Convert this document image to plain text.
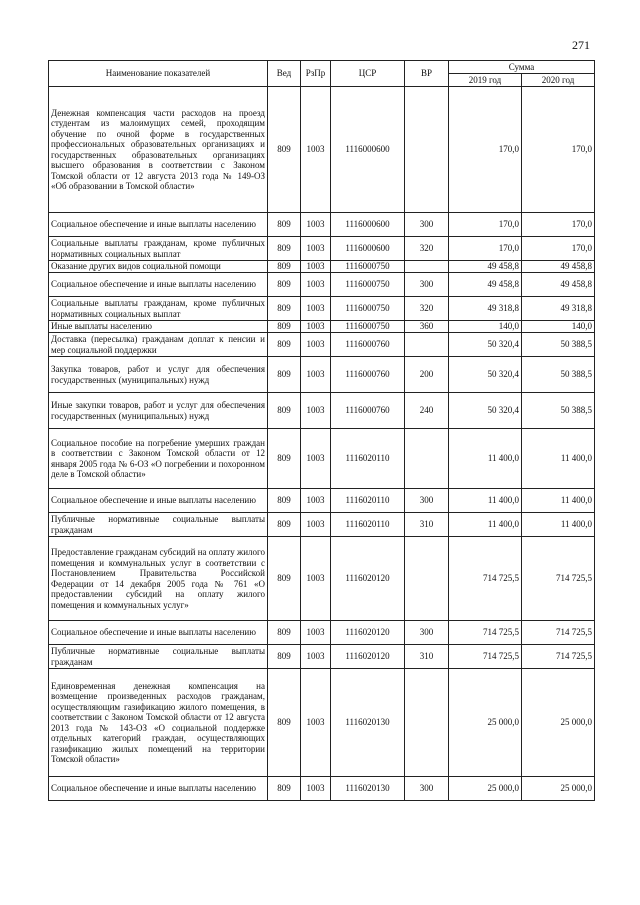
271
Наименование показателей	Вед	РзПр	ЦСР	ВР	Сумма	
					2019 год	2020 год
Денежная компенсация части расходов на проезд студентам из малоимущих семей, проходящим обучение по очной форме в государственных профессиональных образовательных организациях и государственных образовательных организациях высшего образования в соответствии с Законом Томской области от 12 августа 2013 года № 149-ОЗ «Об образовании в Томской области»	809	1003	1116000600		170,0	170,0
Социальное обеспечение и иные выплаты населению	809	1003	1116000600	300	170,0	170,0
Социальные выплаты гражданам, кроме публичных нормативных социальных выплат	809	1003	1116000600	320	170,0	170,0
Оказание других видов социальной помощи	809	1003	1116000750		49 458,8	49 458,8
Социальное обеспечение и иные выплаты населению	809	1003	1116000750	300	49 458,8	49 458,8
Социальные выплаты гражданам, кроме публичных нормативных социальных выплат	809	1003	1116000750	320	49 318,8	49 318,8
Иные выплаты населению	809	1003	1116000750	360	140,0	140,0
Доставка (пересылка) гражданам доплат к пенсии и мер социальной поддержки	809	1003	1116000760		50 320,4	50 388,5
Закупка товаров, работ и услуг для обеспечения государственных (муниципальных) нужд	809	1003	1116000760	200	50 320,4	50 388,5
Иные закупки товаров, работ и услуг для обеспечения государственных (муниципальных) нужд	809	1003	1116000760	240	50 320,4	50 388,5
Социальное пособие на погребение умерших граждан в соответствии с Законом Томской области от 12 января 2005 года № 6-ОЗ «О погребении и похоронном деле в Томской области»	809	1003	1116020110		11 400,0	11 400,0
Социальное обеспечение и иные выплаты населению	809	1003	1116020110	300	11 400,0	11 400,0
Публичные нормативные социальные выплаты гражданам	809	1003	1116020110	310	11 400,0	11 400,0
Предоставление гражданам субсидий на оплату жилого помещения и коммунальных услуг в соответствии с Постановлением Правительства Российской Федерации от 14 декабря 2005 года № 761 «О предоставлении субсидий на оплату жилого помещения и коммунальных услуг»	809	1003	1116020120		714 725,5	714 725,5
Социальное обеспечение и иные выплаты населению	809	1003	1116020120	300	714 725,5	714 725,5
Публичные нормативные социальные выплаты гражданам	809	1003	1116020120	310	714 725,5	714 725,5
Единовременная денежная компенсация на возмещение произведенных расходов гражданам, осуществляющим газификацию жилого помещения, в соответствии с Законом Томской области от 12 августа 2013 года № 143-ОЗ «О социальной поддержке отдельных категорий граждан, осуществляющих газификацию жилых помещений на территории Томской области»	809	1003	1116020130		25 000,0	25 000,0
Социальное обеспечение и иные выплаты населению	809	1003	1116020130	300	25 000,0	25 000,0
